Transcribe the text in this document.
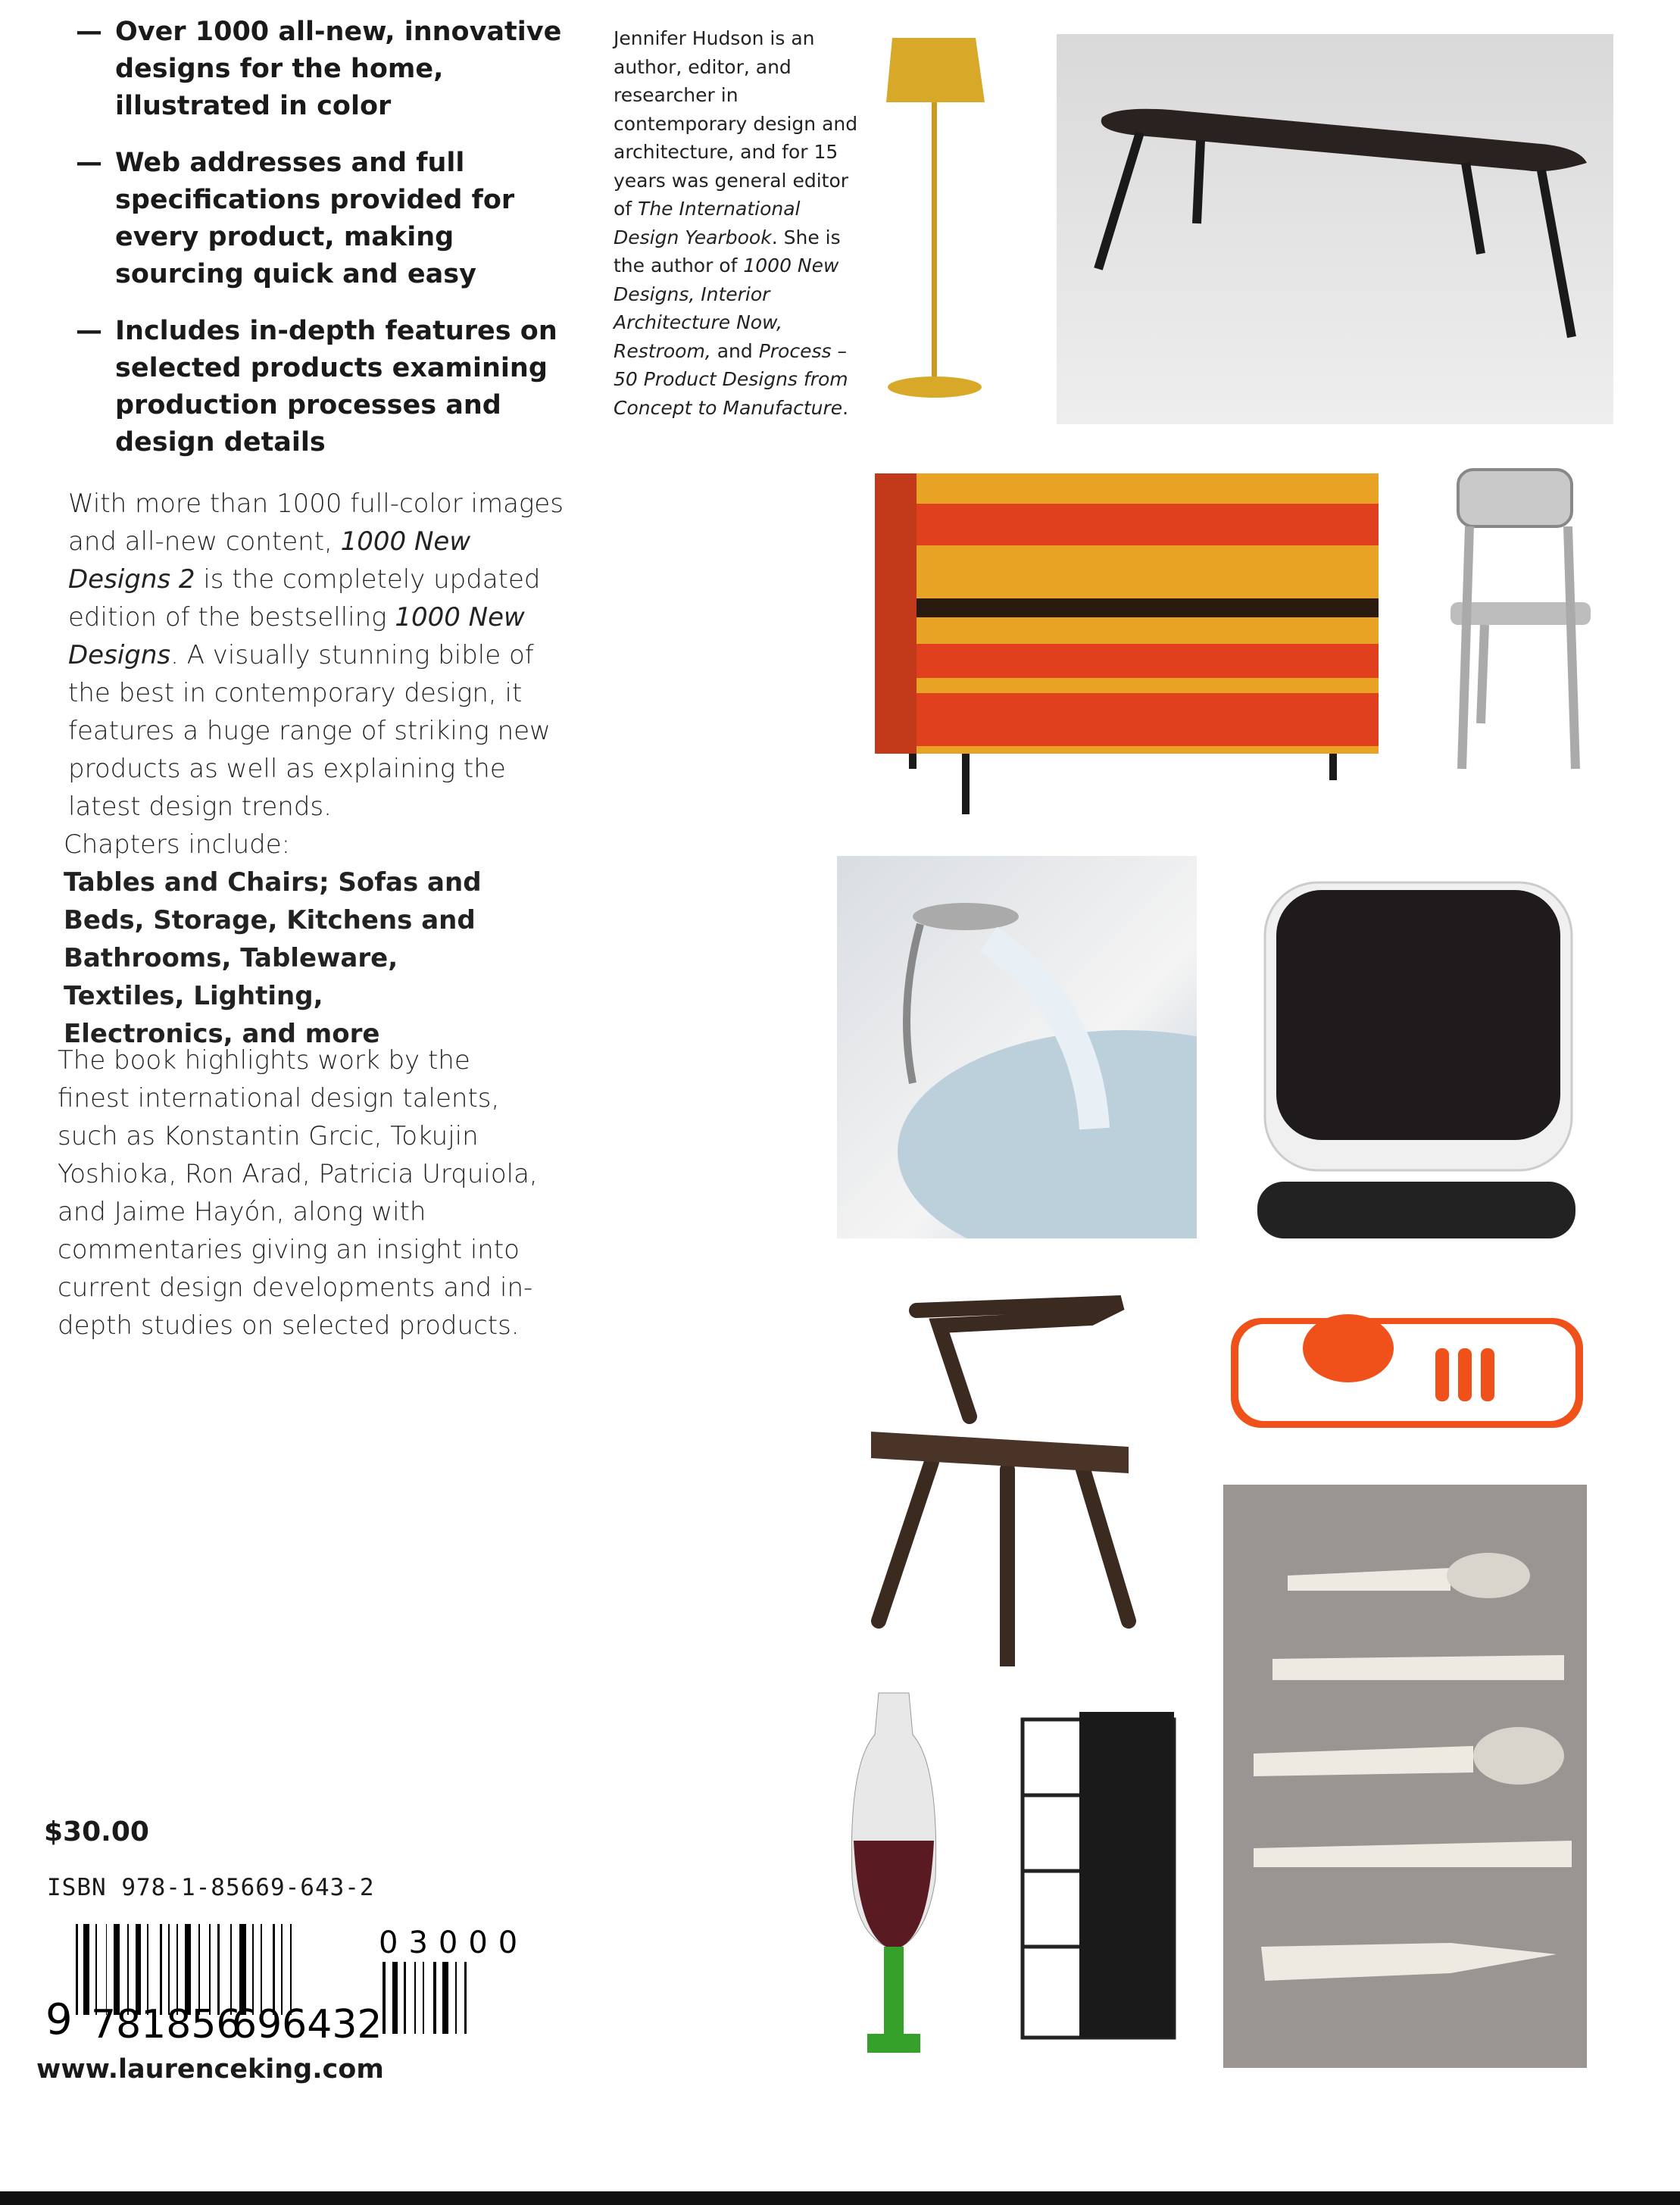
— Over 1000 all-new, innovative designs for the home, illustrated in color
— Web addresses and full specifications provided for every product, making sourcing quick and easy
— Includes in-depth features on selected products examining production processes and design details
With more than 1000 full-color images and all-new content, 1000 New Designs 2 is the completely updated edition of the bestselling 1000 New Designs. A visually stunning bible of the best in contemporary design, it features a huge range of striking new products as well as explaining the latest design trends.
Chapters include:
Tables and Chairs; Sofas and Beds, Storage, Kitchens and Bathrooms, Tableware, Textiles, Lighting, Electronics, and more
The book highlights work by the finest international design talents, such as Konstantin Grcic, Tokujin Yoshioka, Ron Arad, Patricia Urquiola, and Jaime Hayón, along with commentaries giving an insight into current design developments and in-depth studies on selected products.
Jennifer Hudson is an author, editor, and researcher in contemporary design and architecture, and for 15 years was general editor of The International Design Yearbook. She is the author of 1000 New Designs, Interior Architecture Now, Restroom, and Process – 50 Product Designs from Concept to Manufacture.
$30.00
ISBN 978-1-85669-643-2
9 781856
696432
03000
www.laurenceking.com
